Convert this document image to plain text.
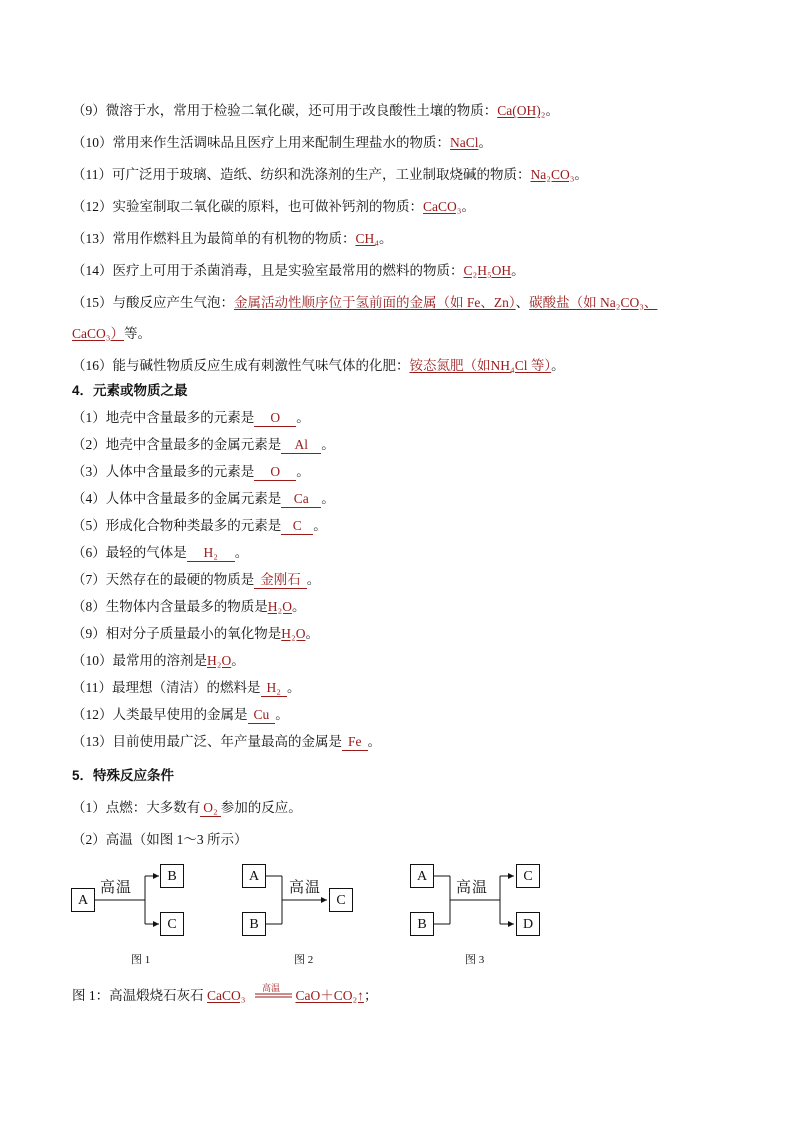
（9）微溶于水，常用于检验二氧化碳，还可用于改良酸性土壤的物质：Ca(OH)₂。
（10）常用来作生活调味品且医疗上用来配制生理盐水的物质：NaCl。
（11）可广泛用于玻璃、造纸、纺织和洗涤剂的生产，工业制取烧碱的物质：Na₂CO₃。
（12）实验室制取二氧化碳的原料，也可做补钙剂的物质：CaCO₃。
（13）常用作燃料且为最简单的有机物的物质：CH₄。
（14）医疗上可用于杀菌消毒，且是实验室最常用的燃料的物质：C₂H₅OH。
（15）与酸反应产生气泡：金属活动性顺序位于氢前面的金属（如 Fe、Zn）、碳酸盐（如 Na₂CO₃、
CaCO₃）等。
（16）能与碱性物质反应生成有刺激性气味气体的化肥：铵态氮肥（如NH₄Cl 等）。
4．元素或物质之最
（1）地壳中含量最多的元素是 O 。
（2）地壳中含量最多的金属元素是 Al 。
（3）人体中含量最多的元素是 O 。
（4）人体中含量最多的金属元素是 Ca 。
（5）形成化合物种类最多的元素是 C 。
（6）最轻的气体是 H₂ 。
（7）天然存在的最硬的物质是 金刚石 。
（8）生物体内含量最多的物质是H₂O。
（9）相对分子质量最小的氧化物是H₂O。
（10）最常用的溶剂是H₂O。
（11）最理想（清洁）的燃料是 H₂ 。
（12）人类最早使用的金属是 Cu 。
（13）目前使用最广泛、年产量最高的金属是 Fe 。
5．特殊反应条件
（1）点燃：大多数有 O₂ 参加的反应。
（2）高温（如图 1～3 所示）
A
高温
B
C
图 1
A
B
高温
C
图 2
A
B
高温
C
D
图 3
图 1：高温煅烧石灰石 CaCO₃	CaO＋CO₂↑；
高温
